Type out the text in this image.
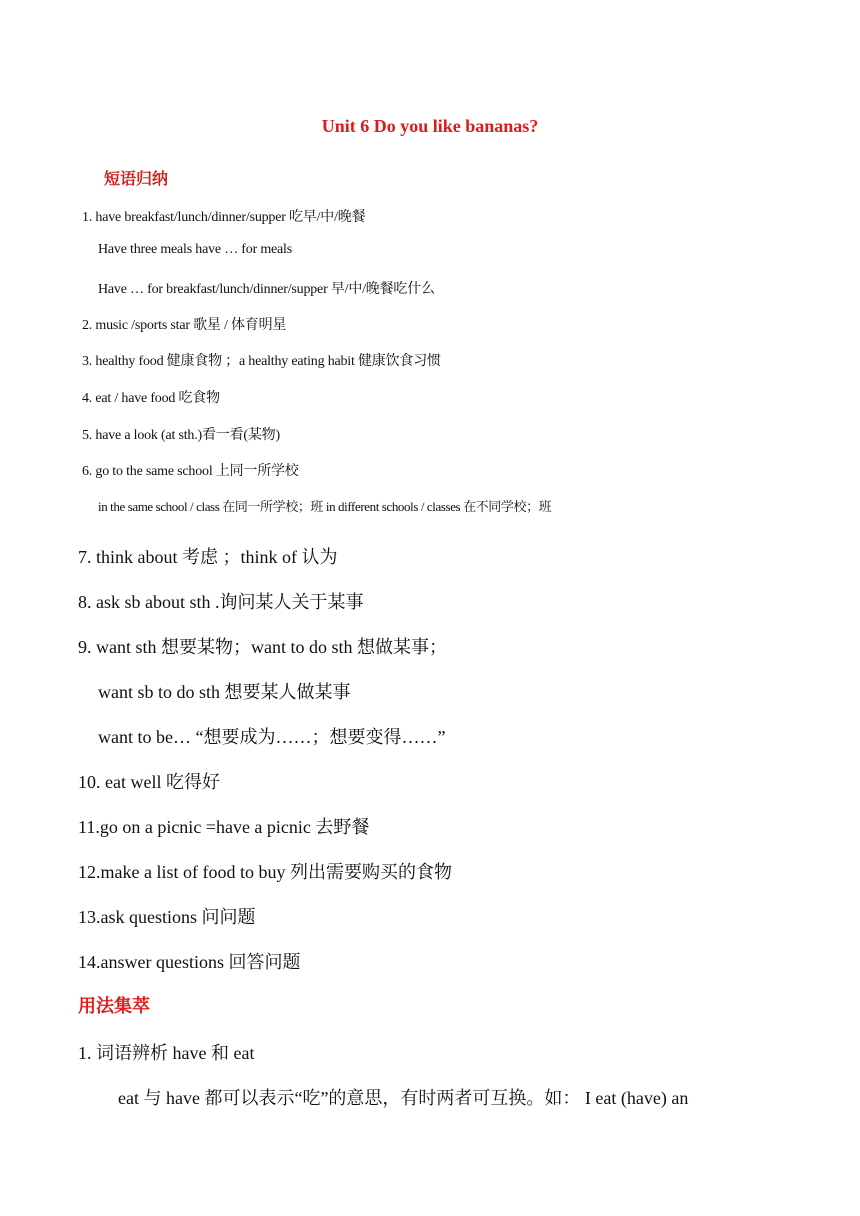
Unit 6 Do you like bananas?
短语归纳
1. have breakfast/lunch/dinner/supper 吃早/中/晚餐
Have three meals have … for meals
Have … for breakfast/lunch/dinner/supper 早/中/晚餐吃什么
2. music /sports star 歌星 / 体育明星
3. healthy food 健康食物 ；a healthy eating habit 健康饮食习惯
4. eat / have food 吃食物
5. have a look (at sth.)看一看(某物)
6. go to the same school 上同一所学校
in the same school / class 在同一所学校；班 in different schools / classes 在不同学校；班
7. think about 考虑 ；think of 认为
8. ask sb about sth .询问某人关于某事
9. want sth 想要某物；want to do sth 想做某事；
want sb to do sth 想要某人做某事
want to be… “想要成为……；想要变得……”
10. eat well 吃得好
11.go on a picnic =have a picnic 去野餐
12.make a list of food to buy 列出需要购买的食物
13.ask questions 问问题
14.answer questions 回答问题
用法集萃
1. 词语辨析 have 和 eat
eat 与 have 都可以表示“吃”的意思，有时两者可互换。如： I eat (have) an
